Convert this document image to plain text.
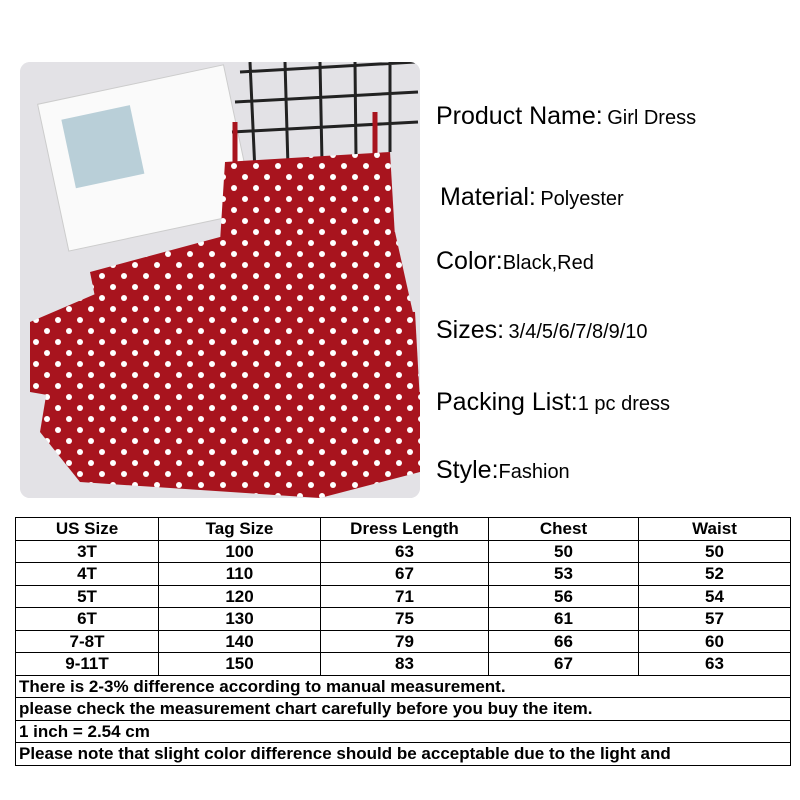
Product Name: Girl Dress
Material: Polyester
Color:Black,Red
Sizes: 3/4/5/6/7/8/9/10
Packing List:1 pc dress
Style:Fashion
US Size	Tag Size	Dress Length	Chest	Waist
3T	100	63	50	50
4T	110	67	53	52
5T	120	71	56	54
6T	130	75	61	57
7-8T	140	79	66	60
9-11T	150	83	67	63
There is 2-3% difference according to manual measurement.				
please check the measurement chart carefully before you buy the item.				
1 inch = 2.54 cm				
Please note that slight color difference should be acceptable due to the light and				
